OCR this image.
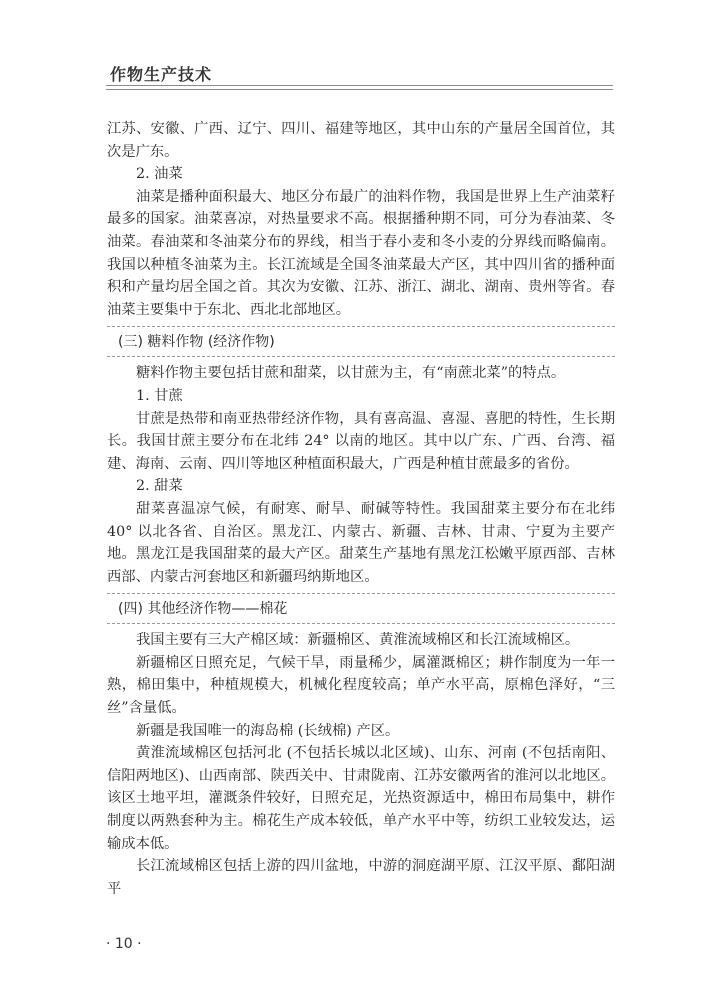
作物生产技术

江苏、安徽、广西、辽宁、四川、福建等地区，其中山东的产量居全国首位，其次是广东。

2. 油菜

油菜是播种面积最大、地区分布最广的油料作物，我国是世界上生产油菜籽最多的国家。油菜喜凉，对热量要求不高。根据播种期不同，可分为春油菜、冬油菜。春油菜和冬油菜分布的界线，相当于春小麦和冬小麦的分界线而略偏南。我国以种植冬油菜为主。长江流域是全国冬油菜最大产区，其中四川省的播种面积和产量均居全国之首。其次为安徽、江苏、浙江、湖北、湖南、贵州等省。春油菜主要集中于东北、西北北部地区。

(三) 糖料作物 (经济作物)

糖料作物主要包括甘蔗和甜菜，以甘蔗为主，有“南蔗北菜”的特点。

1. 甘蔗

甘蔗是热带和南亚热带经济作物，具有喜高温、喜湿、喜肥的特性，生长期长。我国甘蔗主要分布在北纬 24° 以南的地区。其中以广东、广西、台湾、福建、海南、云南、四川等地区种植面积最大，广西是种植甘蔗最多的省份。

2. 甜菜

甜菜喜温凉气候，有耐寒、耐旱、耐碱等特性。我国甜菜主要分布在北纬 40° 以北各省、自治区。黑龙江、内蒙古、新疆、吉林、甘肃、宁夏为主要产地。黑龙江是我国甜菜的最大产区。甜菜生产基地有黑龙江松嫩平原西部、吉林西部、内蒙古河套地区和新疆玛纳斯地区。

(四) 其他经济作物——棉花

我国主要有三大产棉区域：新疆棉区、黄淮流域棉区和长江流域棉区。

新疆棉区日照充足，气候干旱，雨量稀少，属灌溉棉区；耕作制度为一年一熟，棉田集中，种植规模大，机械化程度较高；单产水平高，原棉色泽好，“三丝”含量低。

新疆是我国唯一的海岛棉 (长绒棉) 产区。

黄淮流域棉区包括河北 (不包括长城以北区域)、山东、河南 (不包括南阳、信阳两地区)、山西南部、陕西关中、甘肃陇南、江苏安徽两省的淮河以北地区。该区土地平坦，灌溉条件较好，日照充足，光热资源适中，棉田布局集中，耕作制度以两熟套种为主。棉花生产成本较低，单产水平中等，纺织工业较发达，运输成本低。

长江流域棉区包括上游的四川盆地，中游的洞庭湖平原、江汉平原、鄱阳湖平

· 10 ·
